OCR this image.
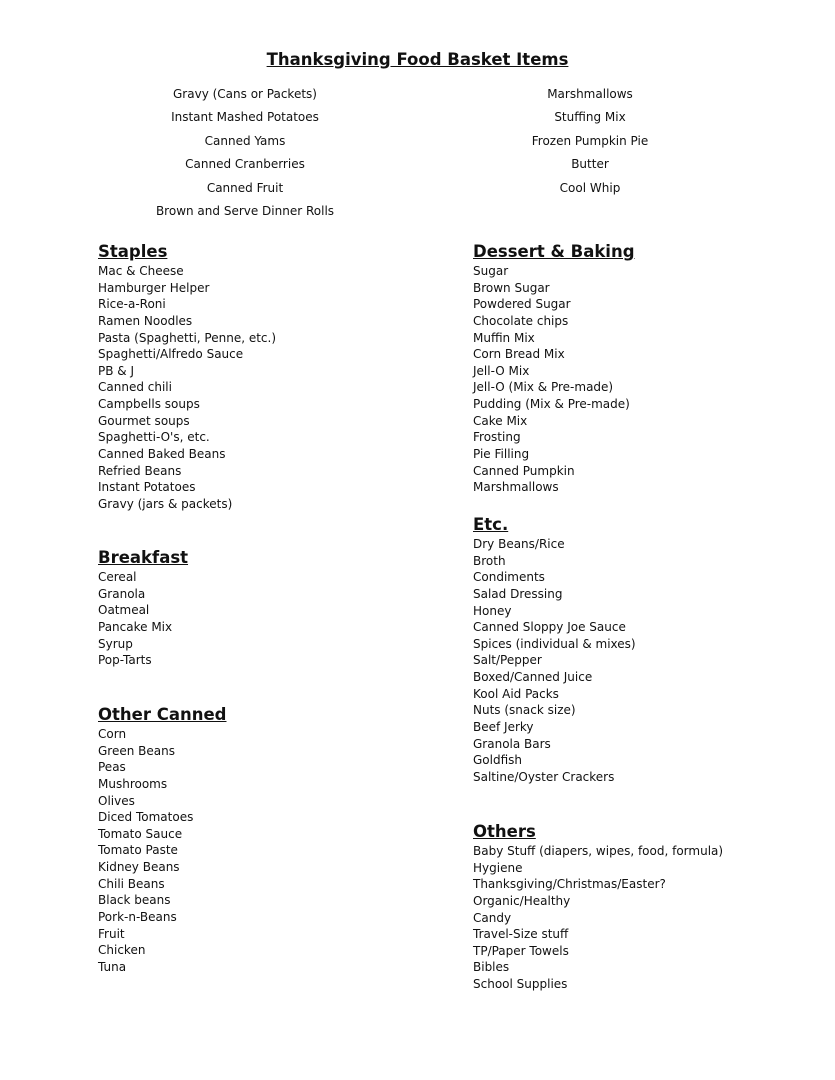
Thanksgiving Food Basket Items
Gravy (Cans or Packets)
Instant Mashed Potatoes
Canned Yams
Canned Cranberries
Canned Fruit
Brown and Serve Dinner Rolls
Marshmallows
Stuffing Mix
Frozen Pumpkin Pie
Butter
Cool Whip
Staples
Mac & Cheese
Hamburger Helper
Rice-a-Roni
Ramen Noodles
Pasta (Spaghetti, Penne, etc.)
Spaghetti/Alfredo Sauce
PB & J
Canned chili
Campbells soups
Gourmet soups
Spaghetti-O's, etc.
Canned Baked Beans
Refried Beans
Instant Potatoes
Gravy (jars & packets)
Breakfast
Cereal
Granola
Oatmeal
Pancake Mix
Syrup
Pop-Tarts
Other Canned
Corn
Green Beans
Peas
Mushrooms
Olives
Diced Tomatoes
Tomato Sauce
Tomato Paste
Kidney Beans
Chili Beans
Black beans
Pork-n-Beans
Fruit
Chicken
Tuna
Dessert & Baking
Sugar
Brown Sugar
Powdered Sugar
Chocolate chips
Muffin Mix
Corn Bread Mix
Jell-O Mix
Jell-O (Mix & Pre-made)
Pudding (Mix & Pre-made)
Cake Mix
Frosting
Pie Filling
Canned Pumpkin
Marshmallows
Etc.
Dry Beans/Rice
Broth
Condiments
Salad Dressing
Honey
Canned Sloppy Joe Sauce
Spices (individual & mixes)
Salt/Pepper
Boxed/Canned Juice
Kool Aid Packs
Nuts (snack size)
Beef Jerky
Granola Bars
Goldfish
Saltine/Oyster Crackers
Others
Baby Stuff (diapers, wipes, food, formula)
Hygiene
Thanksgiving/Christmas/Easter?
Organic/Healthy
Candy
Travel-Size stuff
TP/Paper Towels
Bibles
School Supplies
